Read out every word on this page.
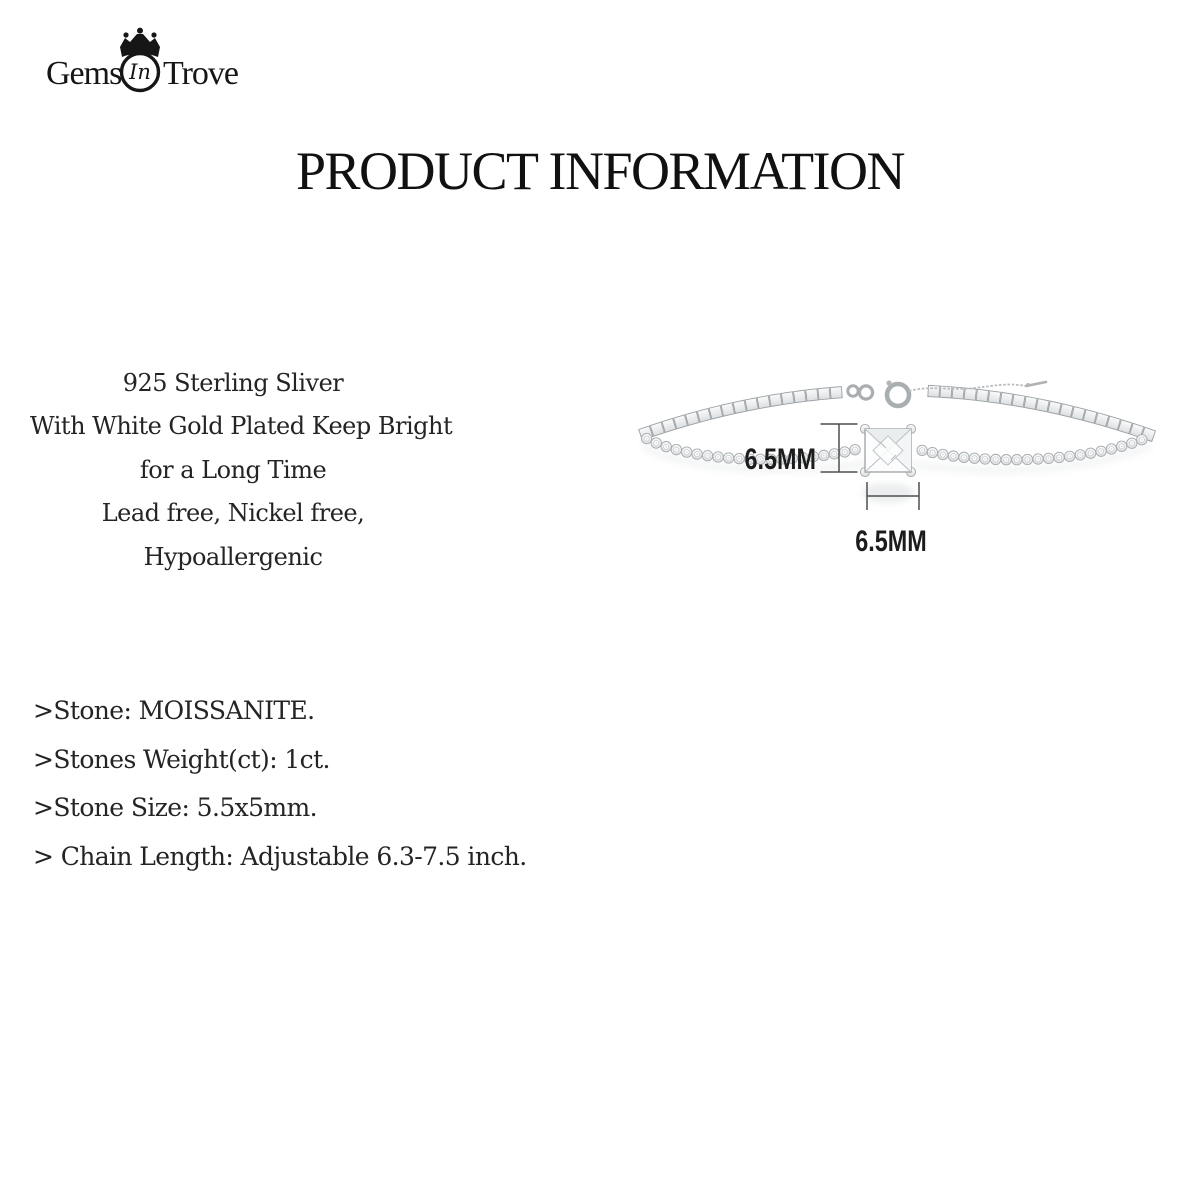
Gems In Trove
PRODUCT INFORMATION
925 Sterling Sliver
With White Gold Plated Keep Bright
for a Long Time
Lead free, Nickel free,
Hypoallergenic
6.5MM
6.5MM
>Stone: MOISSANITE.
>Stones Weight(ct): 1ct.
>Stone Size: 5.5x5mm.
> Chain Length: Adjustable 6.3-7.5 inch.
